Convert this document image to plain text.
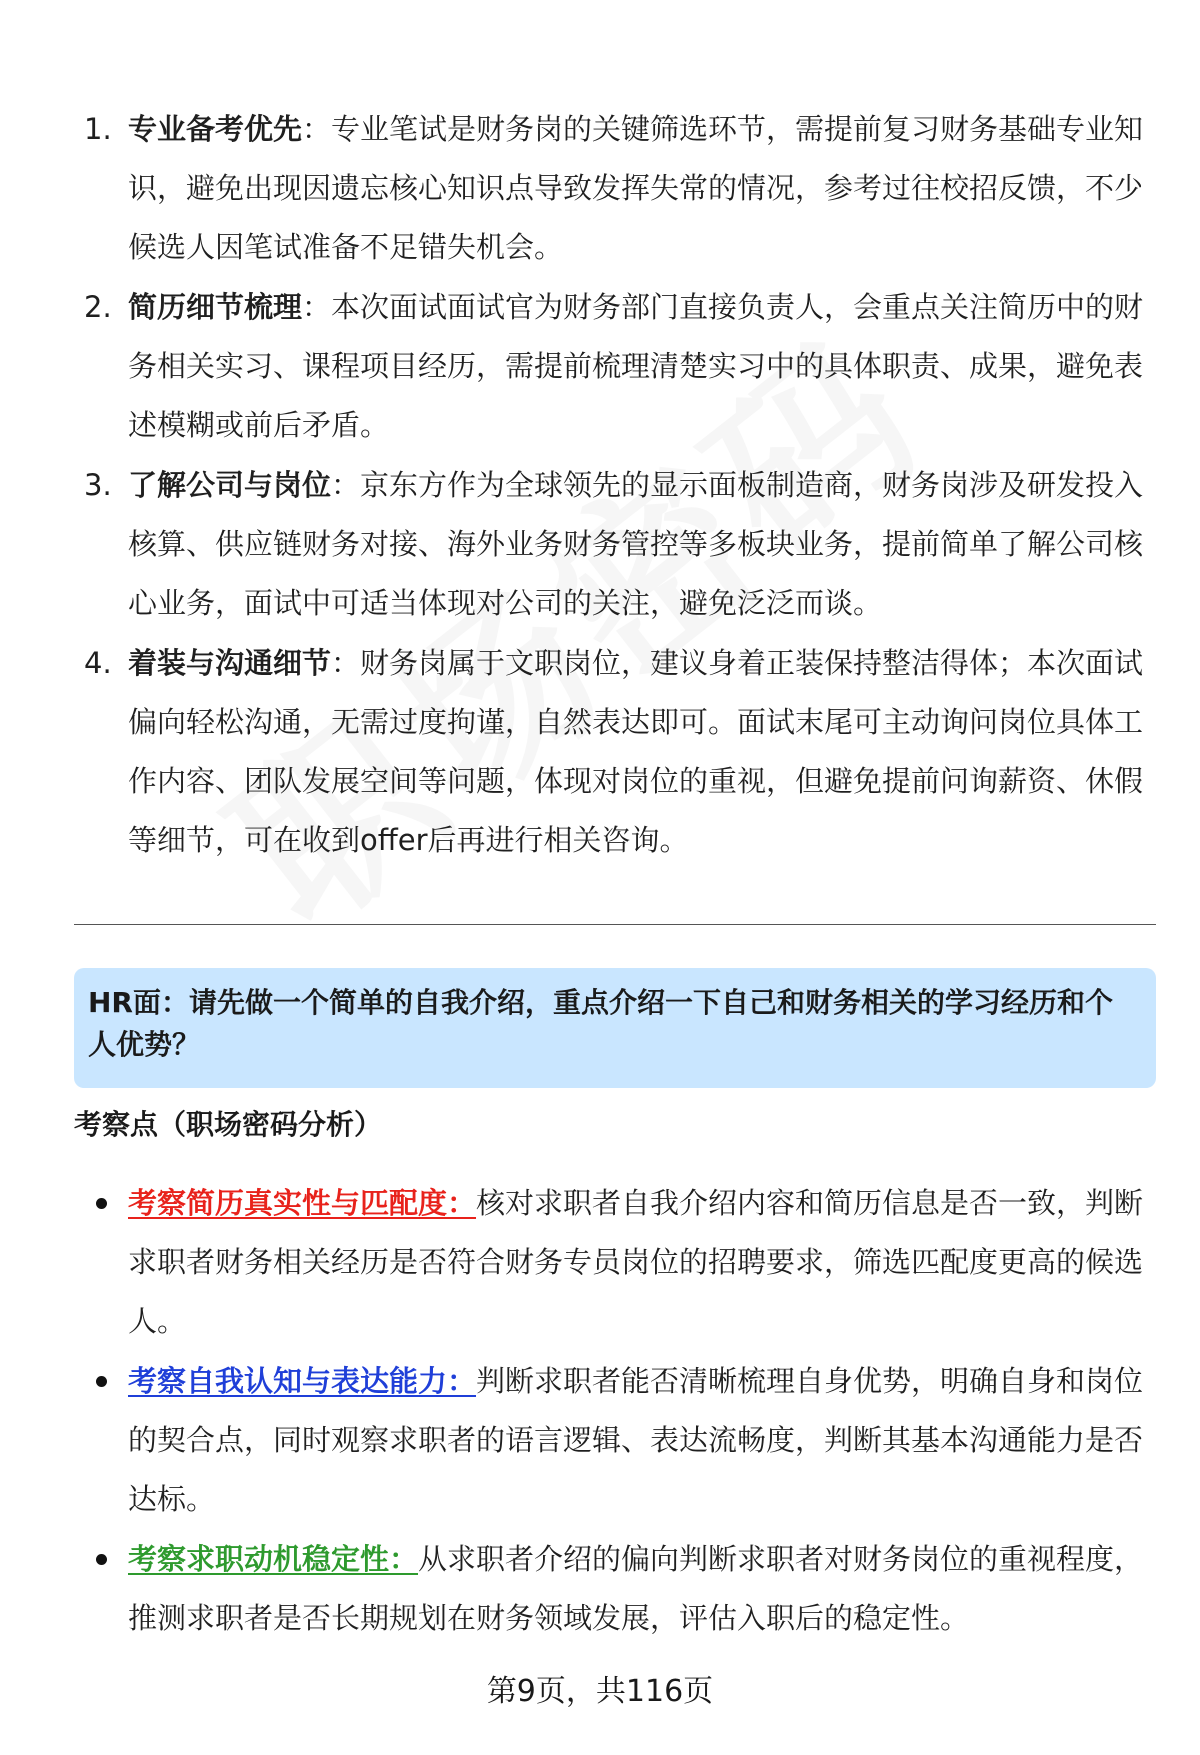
1. 专业备考优先：专业笔试是财务岗的关键筛选环节，需提前复习财务基础专业知识，避免出现因遗忘核心知识点导致发挥失常的情况，参考过往校招反馈，不少候选人因笔试准备不足错失机会。
2. 简历细节梳理：本次面试面试官为财务部门直接负责人，会重点关注简历中的财务相关实习、课程项目经历，需提前梳理清楚实习中的具体职责、成果，避免表述模糊或前后矛盾。
3. 了解公司与岗位：京东方作为全球领先的显示面板制造商，财务岗涉及研发投入核算、供应链财务对接、海外业务财务管控等多板块业务，提前简单了解公司核心业务，面试中可适当体现对公司的关注，避免泛泛而谈。
4. 着装与沟通细节：财务岗属于文职岗位，建议身着正装保持整洁得体；本次面试偏向轻松沟通，无需过度拘谨，自然表达即可。面试末尾可主动询问岗位具体工作内容、团队发展空间等问题，体现对岗位的重视，但避免提前问询薪资、休假等细节，可在收到offer后再进行相关咨询。
HR面：请先做一个简单的自我介绍，重点介绍一下自己和财务相关的学习经历和个人优势？
考察点（职场密码分析）
考察简历真实性与匹配度：核对求职者自我介绍内容和简历信息是否一致，判断求职者财务相关经历是否符合财务专员岗位的招聘要求，筛选匹配度更高的候选人。
考察自我认知与表达能力：判断求职者能否清晰梳理自身优势，明确自身和岗位的契合点，同时观察求职者的语言逻辑、表达流畅度，判断其基本沟通能力是否达标。
考察求职动机稳定性：从求职者介绍的偏向判断求职者对财务岗位的重视程度，推测求职者是否长期规划在财务领域发展，评估入职后的稳定性。
第9页，共116页
